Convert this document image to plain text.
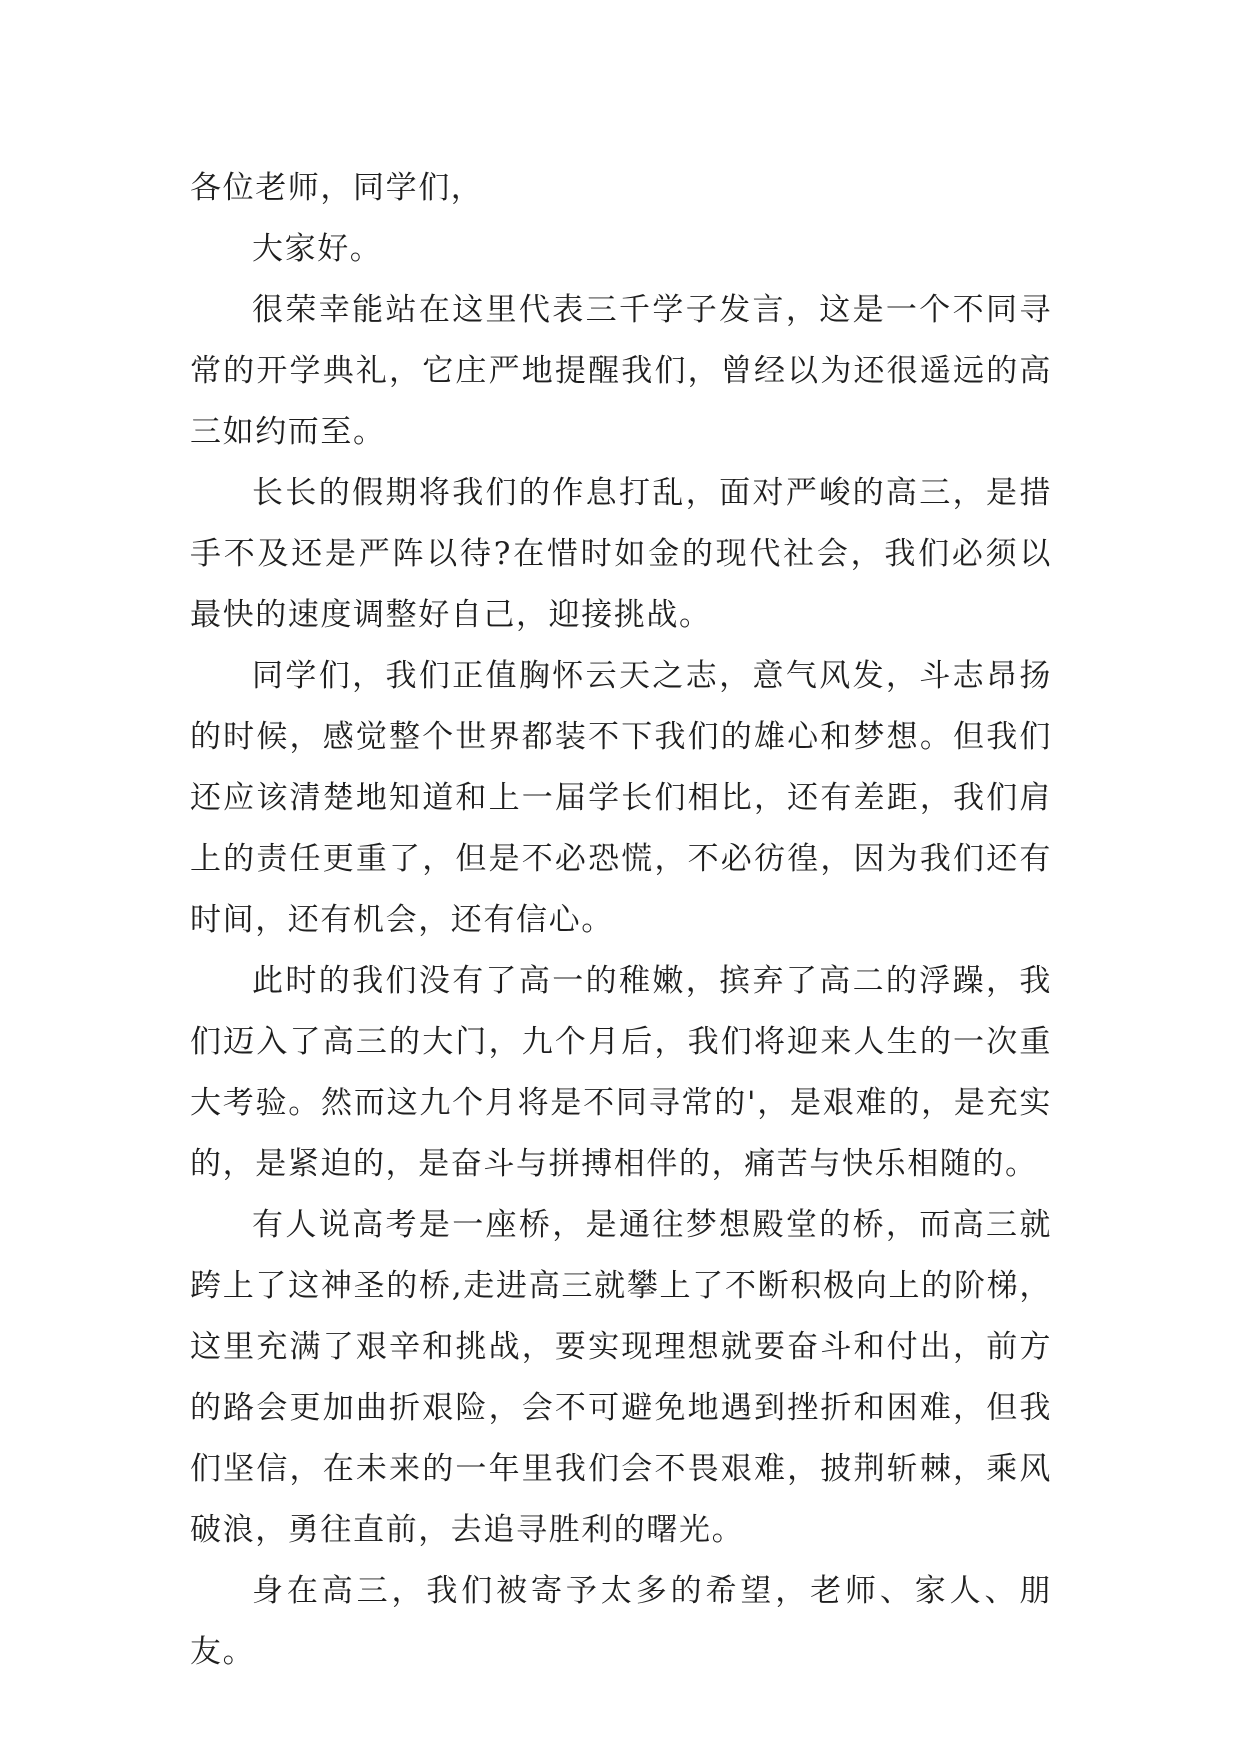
各位老师，同学们，

大家好。

很荣幸能站在这里代表三千学子发言，这是一个不同寻常的开学典礼，它庄严地提醒我们，曾经以为还很遥远的高三如约而至。

长长的假期将我们的作息打乱，面对严峻的高三，是措手不及还是严阵以待?在惜时如金的现代社会，我们必须以最快的速度调整好自己，迎接挑战。

同学们，我们正值胸怀云天之志，意气风发，斗志昂扬的时候，感觉整个世界都装不下我们的雄心和梦想。但我们还应该清楚地知道和上一届学长们相比，还有差距，我们肩上的责任更重了，但是不必恐慌，不必彷徨，因为我们还有时间，还有机会，还有信心。

此时的我们没有了高一的稚嫩，摈弃了高二的浮躁，我们迈入了高三的大门，九个月后，我们将迎来人生的一次重大考验。然而这九个月将是不同寻常的'，是艰难的，是充实的，是紧迫的，是奋斗与拼搏相伴的，痛苦与快乐相随的。

有人说高考是一座桥，是通往梦想殿堂的桥，而高三就跨上了这神圣的桥,走进高三就攀上了不断积极向上的阶梯，这里充满了艰辛和挑战，要实现理想就要奋斗和付出，前方的路会更加曲折艰险，会不可避免地遇到挫折和困难，但我们坚信，在未来的一年里我们会不畏艰难，披荆斩棘，乘风破浪，勇往直前，去追寻胜利的曙光。

身在高三，我们被寄予太多的希望，老师、家人、朋友。
